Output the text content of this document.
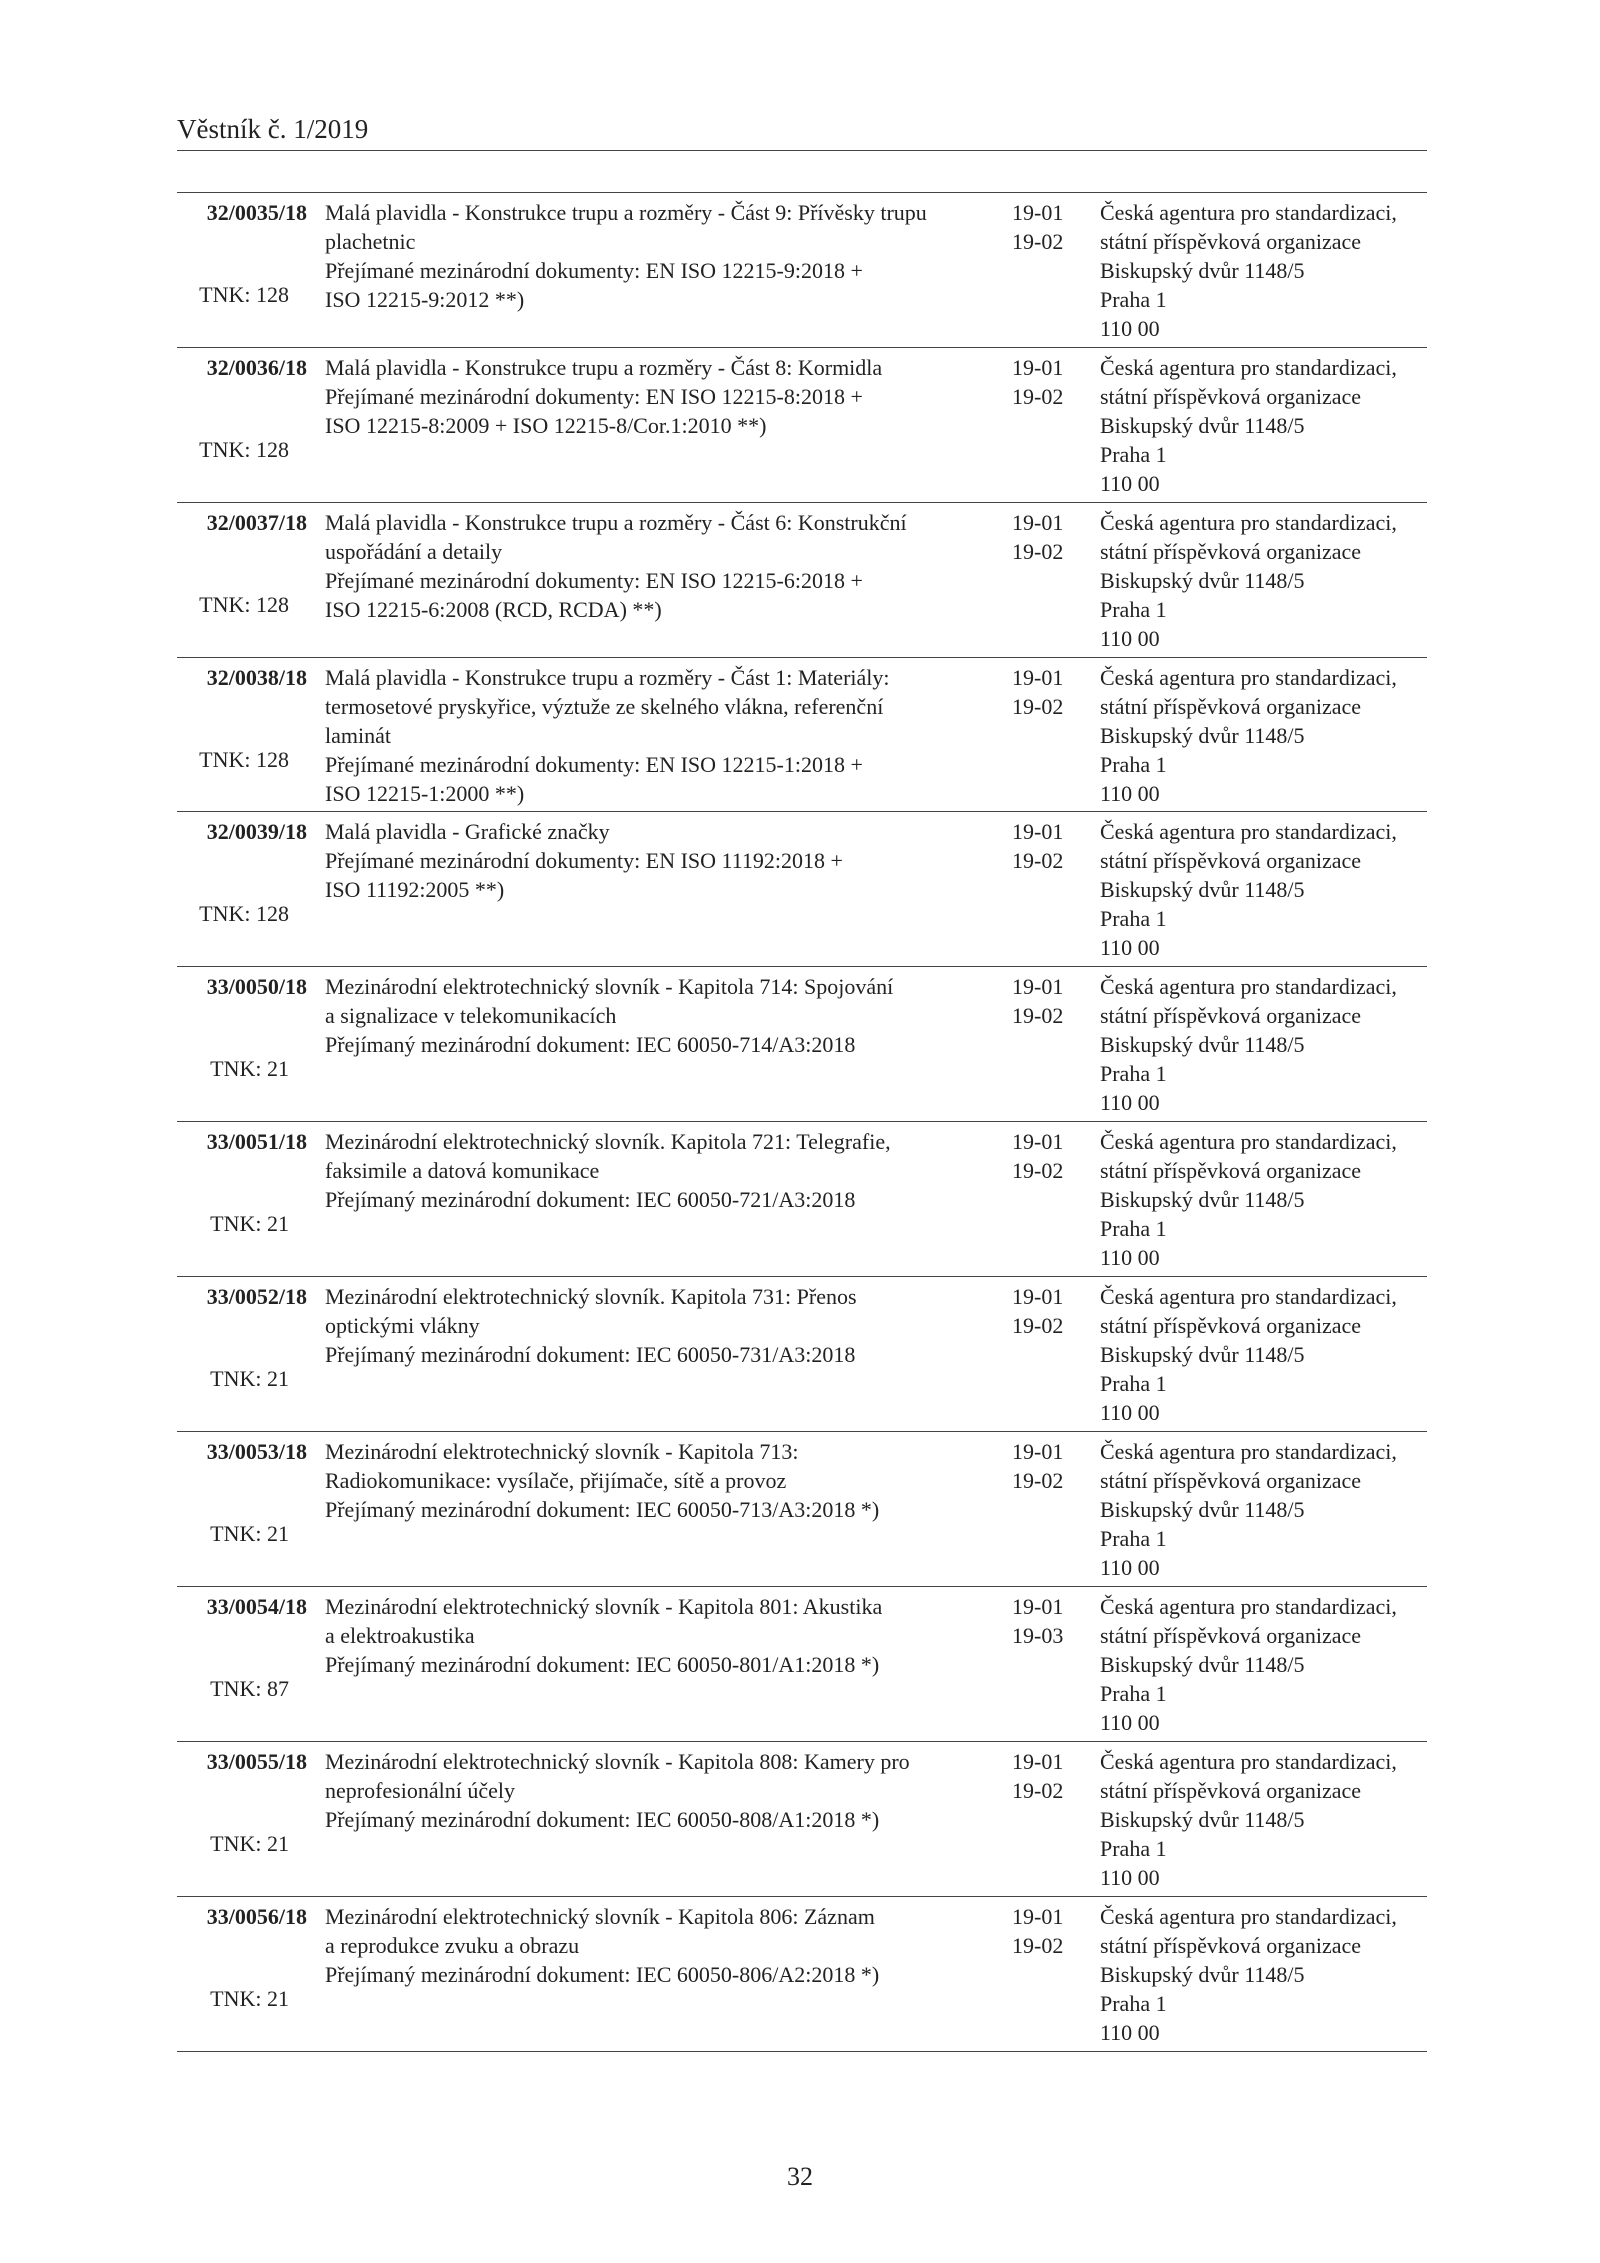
Věstník č. 1/2019
32/0035/18
TNK: 128
Malá plavidla - Konstrukce trupu a rozměry - Část 9: Přívěsky trupu
plachetnic
Přejímané mezinárodní dokumenty: EN ISO 12215-9:2018 +
ISO 12215-9:2012 **)
19-01
19-02
Česká agentura pro standardizaci,
státní příspěvková organizace
Biskupský dvůr 1148/5
Praha 1
110 00
32/0036/18
TNK: 128
Malá plavidla - Konstrukce trupu a rozměry - Část 8: Kormidla
Přejímané mezinárodní dokumenty: EN ISO 12215-8:2018 +
ISO 12215-8:2009 + ISO 12215-8/Cor.1:2010 **)
19-01
19-02
Česká agentura pro standardizaci,
státní příspěvková organizace
Biskupský dvůr 1148/5
Praha 1
110 00
32/0037/18
TNK: 128
Malá plavidla - Konstrukce trupu a rozměry - Část 6: Konstrukční
uspořádání a detaily
Přejímané mezinárodní dokumenty: EN ISO 12215-6:2018 +
ISO 12215-6:2008 (RCD, RCDA) **)
19-01
19-02
Česká agentura pro standardizaci,
státní příspěvková organizace
Biskupský dvůr 1148/5
Praha 1
110 00
32/0038/18
TNK: 128
Malá plavidla - Konstrukce trupu a rozměry - Část 1: Materiály:
termosetové pryskyřice, výztuže ze skelného vlákna, referenční
laminát
Přejímané mezinárodní dokumenty: EN ISO 12215-1:2018 +
ISO 12215-1:2000 **)
19-01
19-02
Česká agentura pro standardizaci,
státní příspěvková organizace
Biskupský dvůr 1148/5
Praha 1
110 00
32/0039/18
TNK: 128
Malá plavidla - Grafické značky
Přejímané mezinárodní dokumenty: EN ISO 11192:2018 +
ISO 11192:2005 **)
19-01
19-02
Česká agentura pro standardizaci,
státní příspěvková organizace
Biskupský dvůr 1148/5
Praha 1
110 00
33/0050/18
TNK: 21
Mezinárodní elektrotechnický slovník - Kapitola 714: Spojování
a signalizace v telekomunikacích
Přejímaný mezinárodní dokument: IEC 60050-714/A3:2018
19-01
19-02
Česká agentura pro standardizaci,
státní příspěvková organizace
Biskupský dvůr 1148/5
Praha 1
110 00
33/0051/18
TNK: 21
Mezinárodní elektrotechnický slovník. Kapitola 721: Telegrafie,
faksimile a datová komunikace
Přejímaný mezinárodní dokument: IEC 60050-721/A3:2018
19-01
19-02
Česká agentura pro standardizaci,
státní příspěvková organizace
Biskupský dvůr 1148/5
Praha 1
110 00
33/0052/18
TNK: 21
Mezinárodní elektrotechnický slovník. Kapitola 731: Přenos
optickými vlákny
Přejímaný mezinárodní dokument: IEC 60050-731/A3:2018
19-01
19-02
Česká agentura pro standardizaci,
státní příspěvková organizace
Biskupský dvůr 1148/5
Praha 1
110 00
33/0053/18
TNK: 21
Mezinárodní elektrotechnický slovník - Kapitola 713:
Radiokomunikace: vysílače, přijímače, sítě a provoz
Přejímaný mezinárodní dokument: IEC 60050-713/A3:2018 *)
19-01
19-02
Česká agentura pro standardizaci,
státní příspěvková organizace
Biskupský dvůr 1148/5
Praha 1
110 00
33/0054/18
TNK: 87
Mezinárodní elektrotechnický slovník - Kapitola 801: Akustika
a elektroakustika
Přejímaný mezinárodní dokument: IEC 60050-801/A1:2018 *)
19-01
19-03
Česká agentura pro standardizaci,
státní příspěvková organizace
Biskupský dvůr 1148/5
Praha 1
110 00
33/0055/18
TNK: 21
Mezinárodní elektrotechnický slovník - Kapitola 808: Kamery pro
neprofesionální účely
Přejímaný mezinárodní dokument: IEC 60050-808/A1:2018 *)
19-01
19-02
Česká agentura pro standardizaci,
státní příspěvková organizace
Biskupský dvůr 1148/5
Praha 1
110 00
33/0056/18
TNK: 21
Mezinárodní elektrotechnický slovník - Kapitola 806: Záznam
a reprodukce zvuku a obrazu
Přejímaný mezinárodní dokument: IEC 60050-806/A2:2018 *)
19-01
19-02
Česká agentura pro standardizaci,
státní příspěvková organizace
Biskupský dvůr 1148/5
Praha 1
110 00
32
